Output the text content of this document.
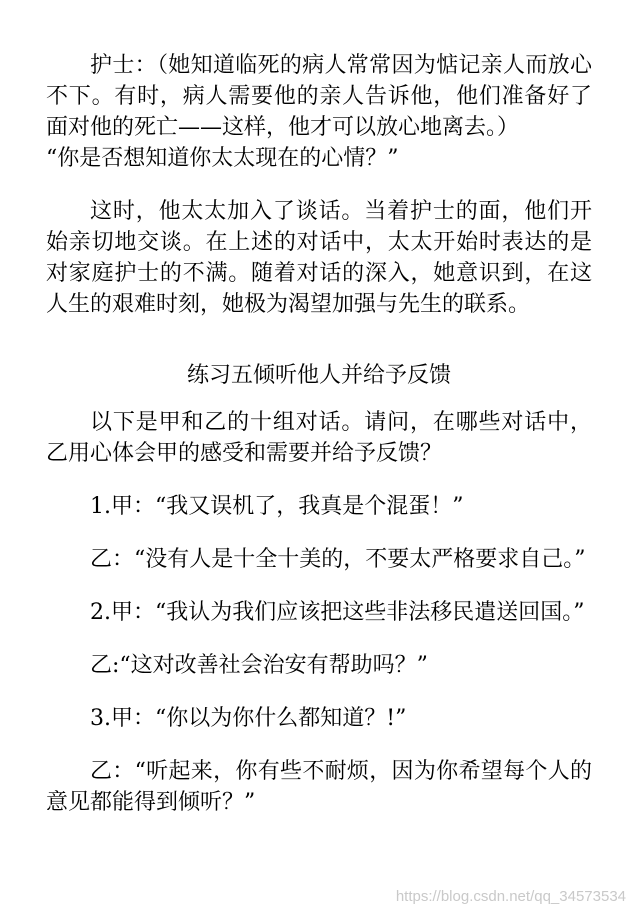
护士：（她知道临死的病人常常因为惦记亲人而放心不下。有时，病人需要他的亲人告诉他，他们准备好了面对他的死亡——这样，他才可以放心地离去。）

“你是否想知道你太太现在的心情？”

这时，他太太加入了谈话。当着护士的面，他们开始亲切地交谈。在上述的对话中，太太开始时表达的是对家庭护士的不满。随着对话的深入，她意识到，在这人生的艰难时刻，她极为渴望加强与先生的联系。

练习五倾听他人并给予反馈

以下是甲和乙的十组对话。请问，在哪些对话中，乙用心体会甲的感受和需要并给予反馈？

1.甲：“我又误机了，我真是个混蛋！”

乙：“没有人是十全十美的，不要太严格要求自己。”

2.甲：“我认为我们应该把这些非法移民遣送回国。”

乙:“这对改善社会治安有帮助吗？”

3.甲：“你以为你什么都知道？!”

乙：“听起来，你有些不耐烦，因为你希望每个人的意见都能得到倾听？”

https://blog.csdn.net/qq_34573534
